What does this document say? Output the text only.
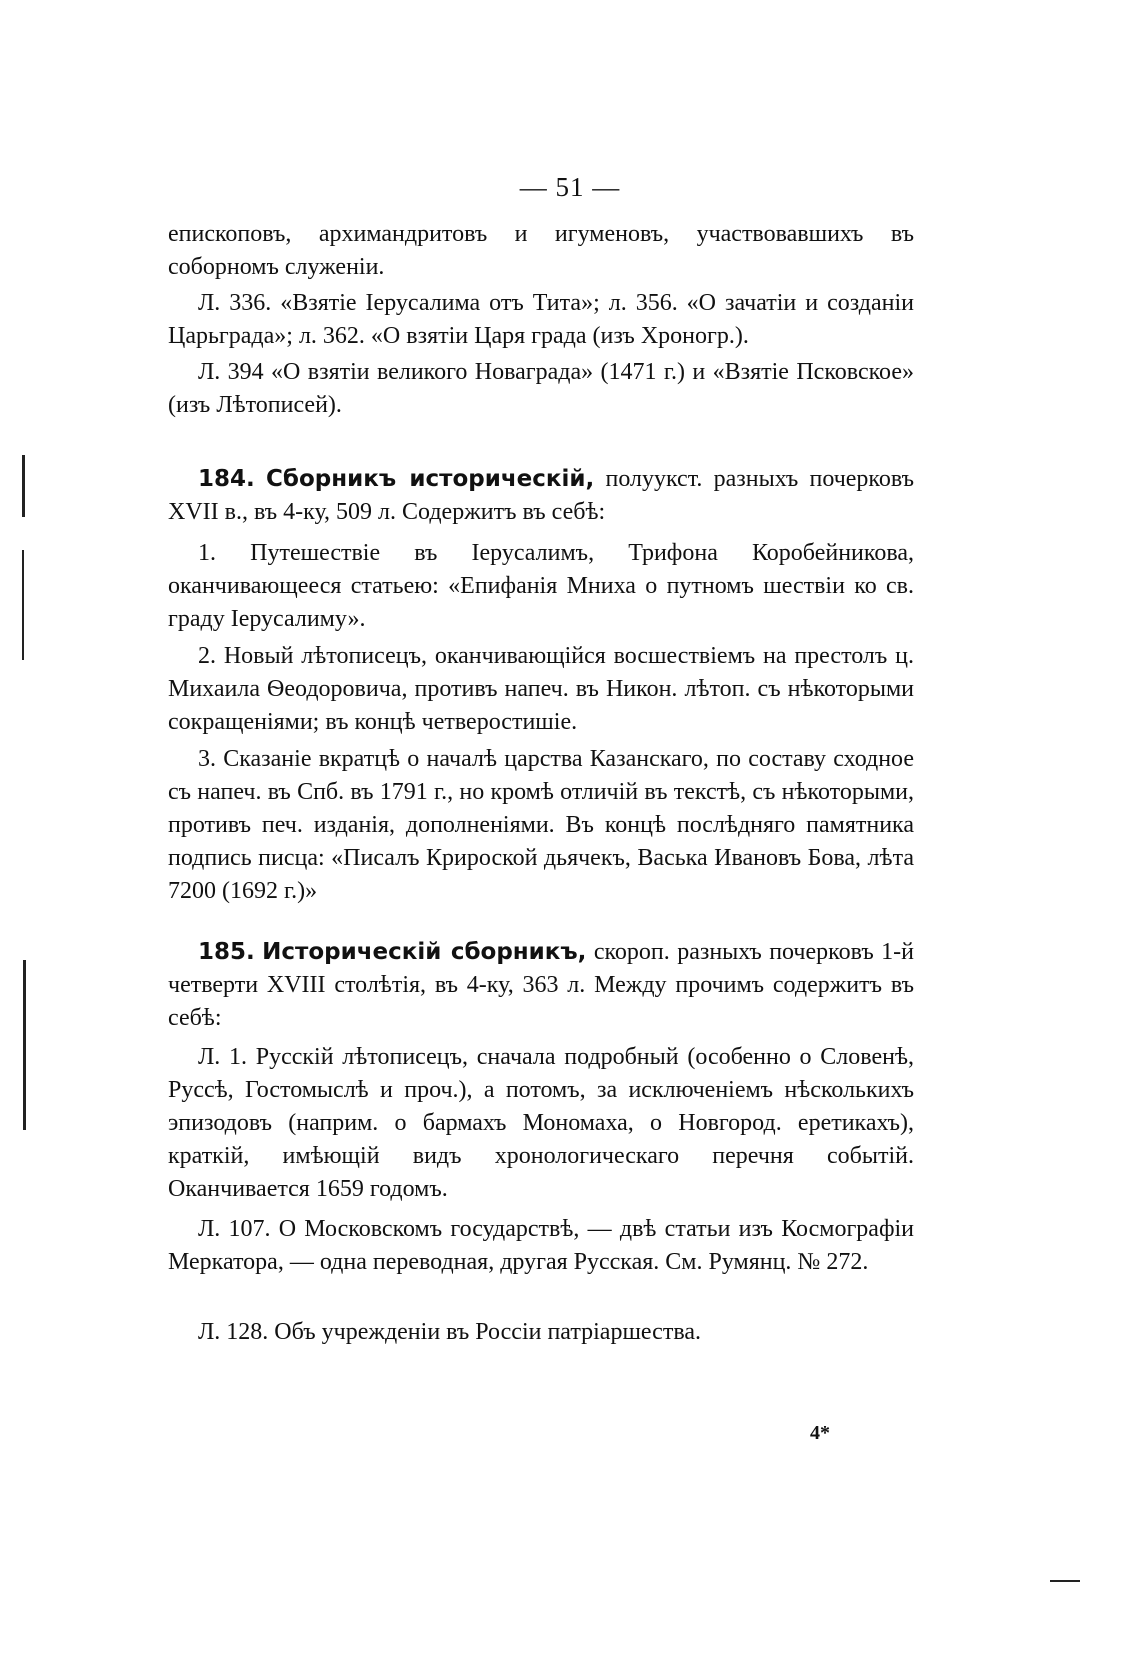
— 51 —

епископовъ, архимандритовъ и игуменовъ, участвовавшихъ въ соборномъ служеніи.

Л. 336. «Взятіе Іерусалима отъ Тита»; л. 356. «О зачатіи и созданіи Царьграда»; л. 362. «О взятіи Царя града (изъ Хроногр.).

Л. 394 «О взятіи великого Новаграда» (1471 г.) и «Взятіе Псковское» (изъ Лѣтописей).

184. Сборникъ историческій, полуукст. разныхъ почерковъ XVII в., въ 4-ку, 509 л. Содержитъ въ себѣ:

1. Путешествіе въ Іерусалимъ, Трифона Коробейникова, оканчивающееся статьею: «Епифанія Мниха о путномъ шествіи ко св. граду Іерусалиму».

2. Новый лѣтописецъ, оканчивающійся восшествіемъ на престолъ ц. Михаила Ѳеодоровича, противъ напеч. въ Никон. лѣтоп. съ нѣкоторыми сокращеніями; въ концѣ четверостишіе.

3. Сказаніе вкратцѣ о началѣ царства Казанскаго, по составу сходное съ напеч. въ Спб. въ 1791 г., но кромѣ отличій въ текстѣ, съ нѣкоторыми, противъ печ. изданія, дополненіями. Въ концѣ послѣдняго памятника подпись писца: «Писалъ Крироской дьячекъ, Васька Ивановъ Бова, лѣта 7200 (1692 г.)»

185. Историческій сборникъ, скороп. разныхъ почерковъ 1-й четверти XVIII столѣтія, въ 4-ку, 363 л. Между прочимъ содержитъ въ себѣ:

Л. 1. Русскій лѣтописецъ, сначала подробный (особенно о Словенѣ, Руссѣ, Гостомыслѣ и проч.), а потомъ, за исключеніемъ нѣсколькихъ эпизодовъ (наприм. о бармахъ Мономаха, о Новгород. еретикахъ), краткій, имѣющій видъ хронологическаго перечня событій. Оканчивается 1659 годомъ.

Л. 107. О Московскомъ государствѣ, — двѣ статьи изъ Космографіи Меркатора, — одна переводная, другая Русская. См. Румянц. № 272.

Л. 128. Объ учрежденіи въ Россіи патріаршества.

4*
